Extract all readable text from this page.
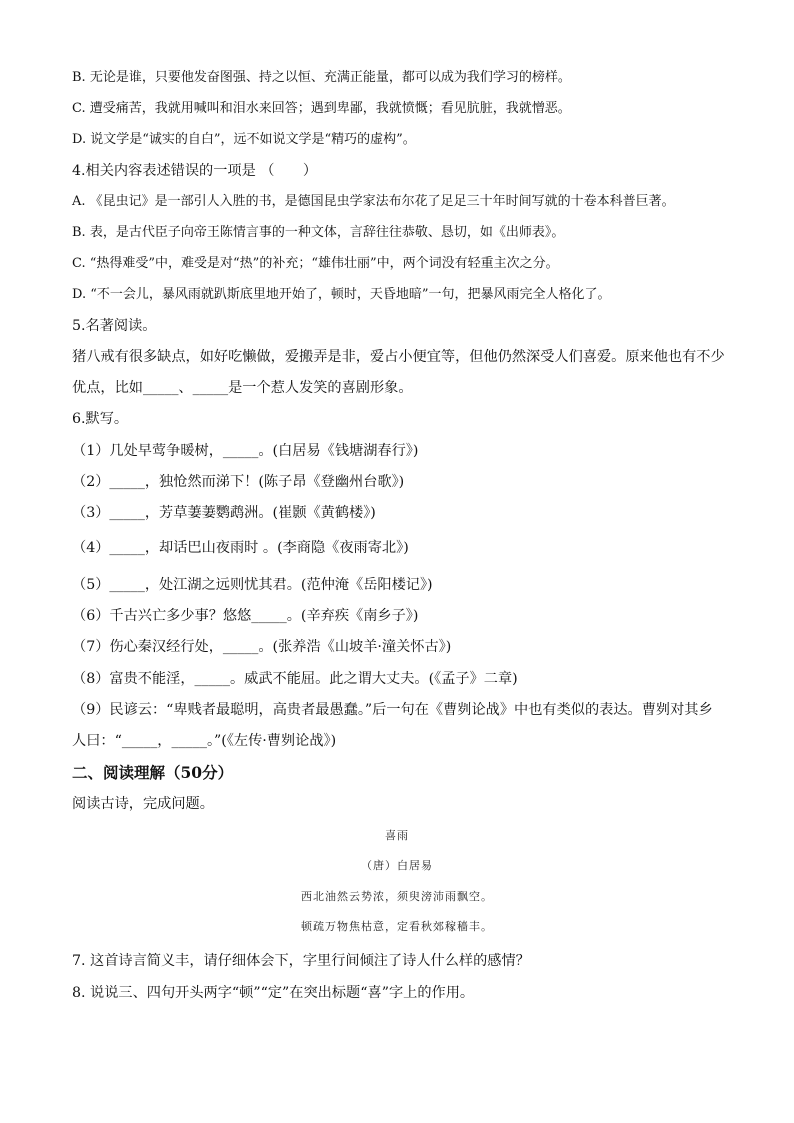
B. 无论是谁，只要他发奋图强、持之以恒、充满正能量，都可以成为我们学习的榜样。
C. 遭受痛苦，我就用喊叫和泪水来回答；遇到卑鄙，我就愤慨；看见肮脏，我就憎恶。
D. 说文学是“诚实的自白”，远不如说文学是“精巧的虚构”。
4.相关内容表述错误的一项是 （　　）
A. 《昆虫记》是一部引人入胜的书，是德国昆虫学家法布尔花了足足三十年时间写就的十卷本科普巨著。
B. 表，是古代臣子向帝王陈情言事的一种文体，言辞往往恭敬、恳切，如《出师表》。
C. “热得难受”中，难受是对“热”的补充；“雄伟壮丽”中，两个词没有轻重主次之分。
D. “不一会儿，暴风雨就趴斯底里地开始了，顿时，天昏地暗”一句，把暴风雨完全人格化了。
5.名著阅读。
猪八戒有很多缺点，如好吃懒做，爱搬弄是非，爱占小便宜等，但他仍然深受人们喜爱。原来他也有不少
优点，比如_____、_____是一个惹人发笑的喜剧形象。
6.默写。
（1）几处早莺争暖树，_____。(白居易《钱塘湖春行》)
（2）_____，独怆然而涕下！(陈子昂《登幽州台歌》)
（3）_____，芳草萋萋鹦鹉洲。(崔颢《黄鹤楼》)
（4）_____，却话巴山夜雨时 。(李商隐《夜雨寄北》)
（5）_____，处江湖之远则忧其君。(范仲淹《岳阳楼记》)
（6）千古兴亡多少事？悠悠_____。(辛弃疾《南乡子》)
（7）伤心秦汉经行处，_____。(张养浩《山坡羊·潼关怀古》)
（8）富贵不能淫，_____。威武不能屈。此之谓大丈夫。(《孟子》二章)
（9）民谚云：“卑贱者最聪明，高贵者最愚蠢。”后一句在《曹刿论战》中也有类似的表达。曹刿对其乡
人曰：“_____，_____。”(《左传·曹刿论战》)
二、阅读理解（50分）
阅读古诗，完成问题。
7. 这首诗言简义丰，请仔细体会下，字里行间倾注了诗人什么样的感情？
8. 说说三、四句开头两字“顿”“定”在突出标题“喜”字上的作用。
喜雨
（唐）白居易
西北油然云势浓，须臾滂沛雨飘空。
顿疏万物焦枯意，定看秋郊稼穑丰。
